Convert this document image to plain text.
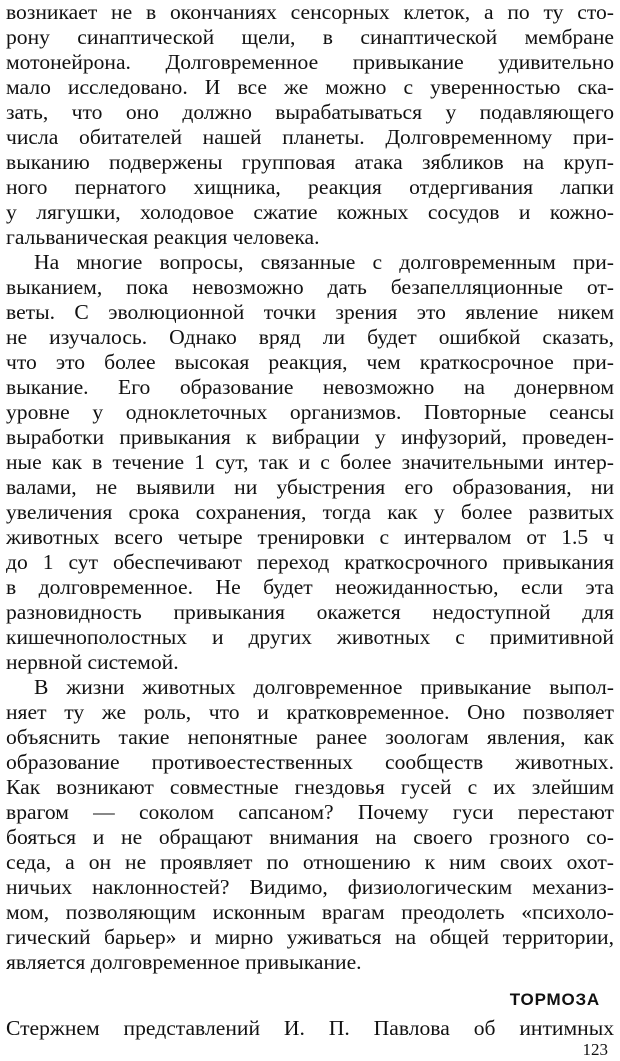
возникает не в окончаниях сенсорных клеток, а по ту сто-
рону синаптической щели, в синаптической мембране
мотонейрона. Долговременное привыкание удивительно
мало исследовано. И все же можно с уверенностью ска-
зать, что оно должно вырабатываться у подавляющего
числа обитателей нашей планеты. Долговременному при-
выканию подвержены групповая атака зябликов на круп-
ного пернатого хищника, реакция отдергивания лапки
у лягушки, холодовое сжатие кожных сосудов и кожно-
гальваническая реакция человека.
На многие вопросы, связанные с долговременным при-
выканием, пока невозможно дать безапелляционные от-
веты. С эволюционной точки зрения это явление никем
не изучалось. Однако вряд ли будет ошибкой сказать,
что это более высокая реакция, чем краткосрочное при-
выкание. Его образование невозможно на донервном
уровне у одноклеточных организмов. Повторные сеансы
выработки привыкания к вибрации у инфузорий, проведен-
ные как в течение 1 сут, так и с более значительными интер-
валами, не выявили ни убыстрения его образования, ни
увеличения срока сохранения, тогда как у более развитых
животных всего четыре тренировки с интервалом от 1.5 ч
до 1 сут обеспечивают переход краткосрочного привыкания
в долговременное. Не будет неожиданностью, если эта
разновидность привыкания окажется недоступной для
кишечнополостных и других животных с примитивной
нервной системой.
В жизни животных долговременное привыкание выпол-
няет ту же роль, что и кратковременное. Оно позволяет
объяснить такие непонятные ранее зоологам явления, как
образование противоестественных сообществ животных.
Как возникают совместные гнездовья гусей с их злейшим
врагом — соколом сапсаном? Почему гуси перестают
бояться и не обращают внимания на своего грозного со-
седа, а он не проявляет по отношению к ним своих охот-
ничьих наклонностей? Видимо, физиологическим механиз-
мом, позволяющим исконным врагам преодолеть «психоло-
гический барьер» и мирно уживаться на общей территории,
является долговременное привыкание.
ТОРМОЗА
Стержнем представлений И. П. Павлова об интимных
123
